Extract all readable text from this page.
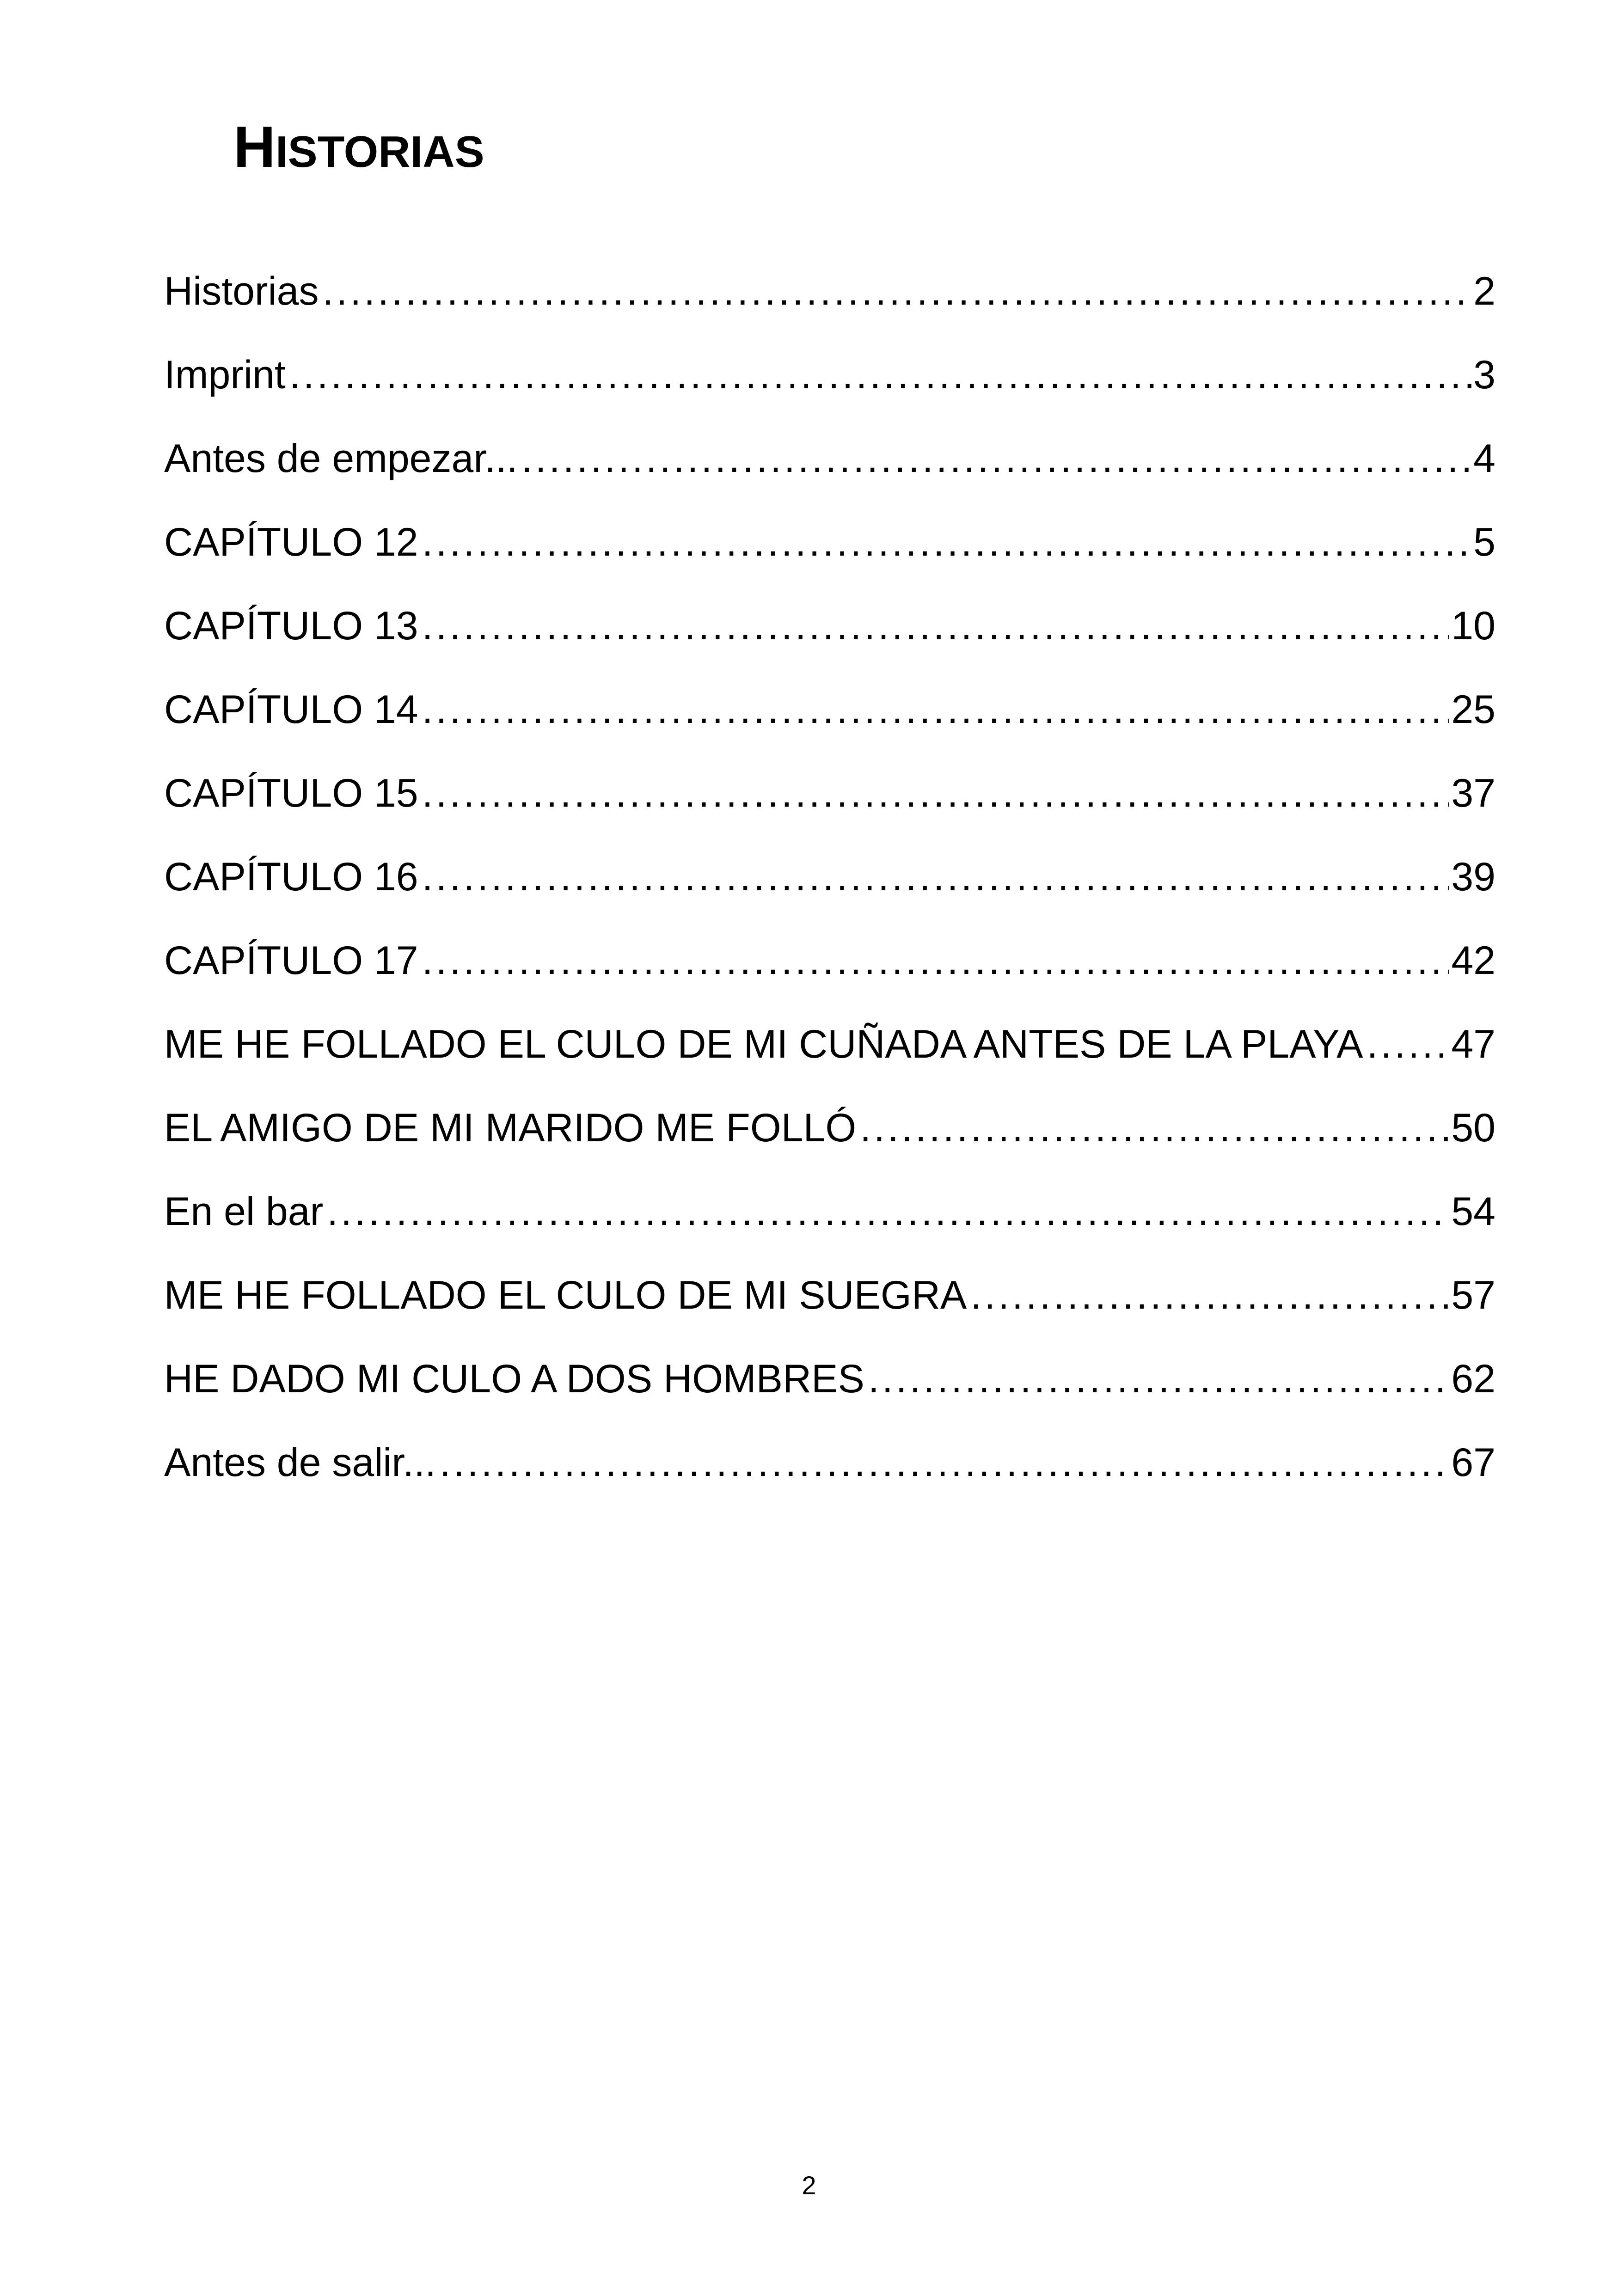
HISTORIAS
Historias .....	2
Imprint .....	3
Antes de empezar... .....	4
CAPÍTULO 12 .....	5
CAPÍTULO 13 .....	10
CAPÍTULO 14 .....	25
CAPÍTULO 15 .....	37
CAPÍTULO 16 .....	39
CAPÍTULO 17 .....	42
ME HE FOLLADO EL CULO DE MI CUÑADA ANTES DE LA PLAYA ..... 47
EL AMIGO DE MI MARIDO ME FOLLÓ .....	50
En el bar .....	54
ME HE FOLLADO EL CULO DE MI SUEGRA .....	57
HE DADO MI CULO A DOS HOMBRES .....	62
Antes de salir... .....	67
2
